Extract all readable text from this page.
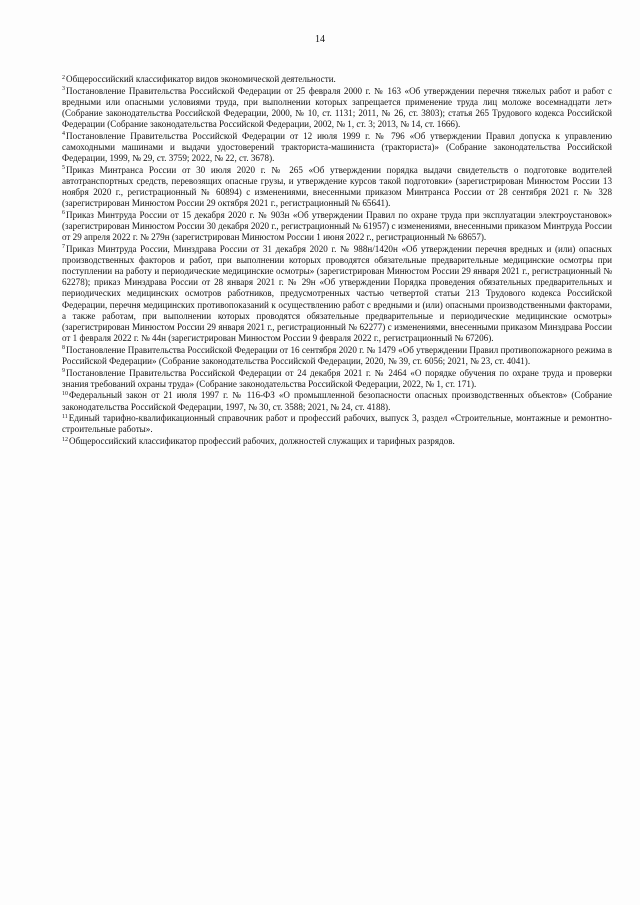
14

$^2$Общероссийский классификатор видов экономической деятельности.

$^3$Постановление Правительства Российской Федерации от 25 февраля 2000 г. № 163 «Об утверждении перечня тяжелых работ и работ с вредными или опасными условиями труда, при выполнении которых запрещается применение труда лиц моложе восемнадцати лет» (Собрание законодательства Российской Федерации, 2000, № 10, ст. 1131; 2011, № 26, ст. 3803); статья 265 Трудового кодекса Российской Федерации (Собрание законодательства Российской Федерации, 2002, № 1, ст. 3; 2013, № 14, ст. 1666).

$^4$Постановление Правительства Российской Федерации от 12 июля 1999 г. № 796 «Об утверждении Правил допуска к управлению самоходными машинами и выдачи удостоверений тракториста-машиниста (тракториста)» (Собрание законодательства Российской Федерации, 1999, № 29, ст. 3759; 2022, № 22, ст. 3678).

$^5$Приказ Минтранса России от 30 июля 2020 г. № 265 «Об утверждении порядка выдачи свидетельств о подготовке водителей автотранспортных средств, перевозящих опасные грузы, и утверждение курсов такой подготовки» (зарегистрирован Минюстом России 13 ноября 2020 г., регистрационный № 60894) с изменениями, внесенными приказом Минтранса России от 28 сентября 2021 г. № 328 (зарегистрирован Минюстом России 29 октября 2021 г., регистрационный № 65641).

$^6$Приказ Минтруда России от 15 декабря 2020 г. № 903н «Об утверждении Правил по охране труда при эксплуатации электроустановок» (зарегистрирован Минюстом России 30 декабря 2020 г., регистрационный № 61957) с изменениями, внесенными приказом Минтруда России от 29 апреля 2022 г. № 279н (зарегистрирован Минюстом России 1 июня 2022 г., регистрационный № 68657).

$^7$Приказ Минтруда России, Минздрава России от 31 декабря 2020 г. № 988н/1420н «Об утверждении перечня вредных и (или) опасных производственных факторов и работ, при выполнении которых проводятся обязательные предварительные медицинские осмотры при поступлении на работу и периодические медицинские осмотры» (зарегистрирован Минюстом России 29 января 2021 г., регистрационный № 62278); приказ Минздрава России от 28 января 2021 г. № 29н «Об утверждении Порядка проведения обязательных предварительных и периодических медицинских осмотров работников, предусмотренных частью четвертой статьи 213 Трудового кодекса Российской Федерации, перечня медицинских противопоказаний к осуществлению работ с вредными и (или) опасными производственными факторами, а также работам, при выполнении которых проводятся обязательные предварительные и периодические медицинские осмотры» (зарегистрирован Минюстом России 29 января 2021 г., регистрационный № 62277) с изменениями, внесенными приказом Минздрава России от 1 февраля 2022 г. № 44н (зарегистрирован Минюстом России 9 февраля 2022 г., регистрационный № 67206).

$^8$Постановление Правительства Российской Федерации от 16 сентября 2020 г. № 1479 «Об утверждении Правил противопожарного режима в Российской Федерации» (Собрание законодательства Российской Федерации, 2020, № 39, ст. 6056; 2021, № 23, ст. 4041).

$^9$Постановление Правительства Российской Федерации от 24 декабря 2021 г. № 2464 «О порядке обучения по охране труда и проверки знания требований охраны труда» (Собрание законодательства Российской Федерации, 2022, № 1, ст. 171).

$^{10}$Федеральный закон от 21 июля 1997 г. № 116-ФЗ «О промышленной безопасности опасных производственных объектов» (Собрание законодательства Российской Федерации, 1997, № 30, ст. 3588; 2021, № 24, ст. 4188).

$^{11}$Единый тарифно-квалификационный справочник работ и профессий рабочих, выпуск 3, раздел «Строительные, монтажные и ремонтно-строительные работы».

$^{12}$Общероссийский классификатор профессий рабочих, должностей служащих и тарифных разрядов.
